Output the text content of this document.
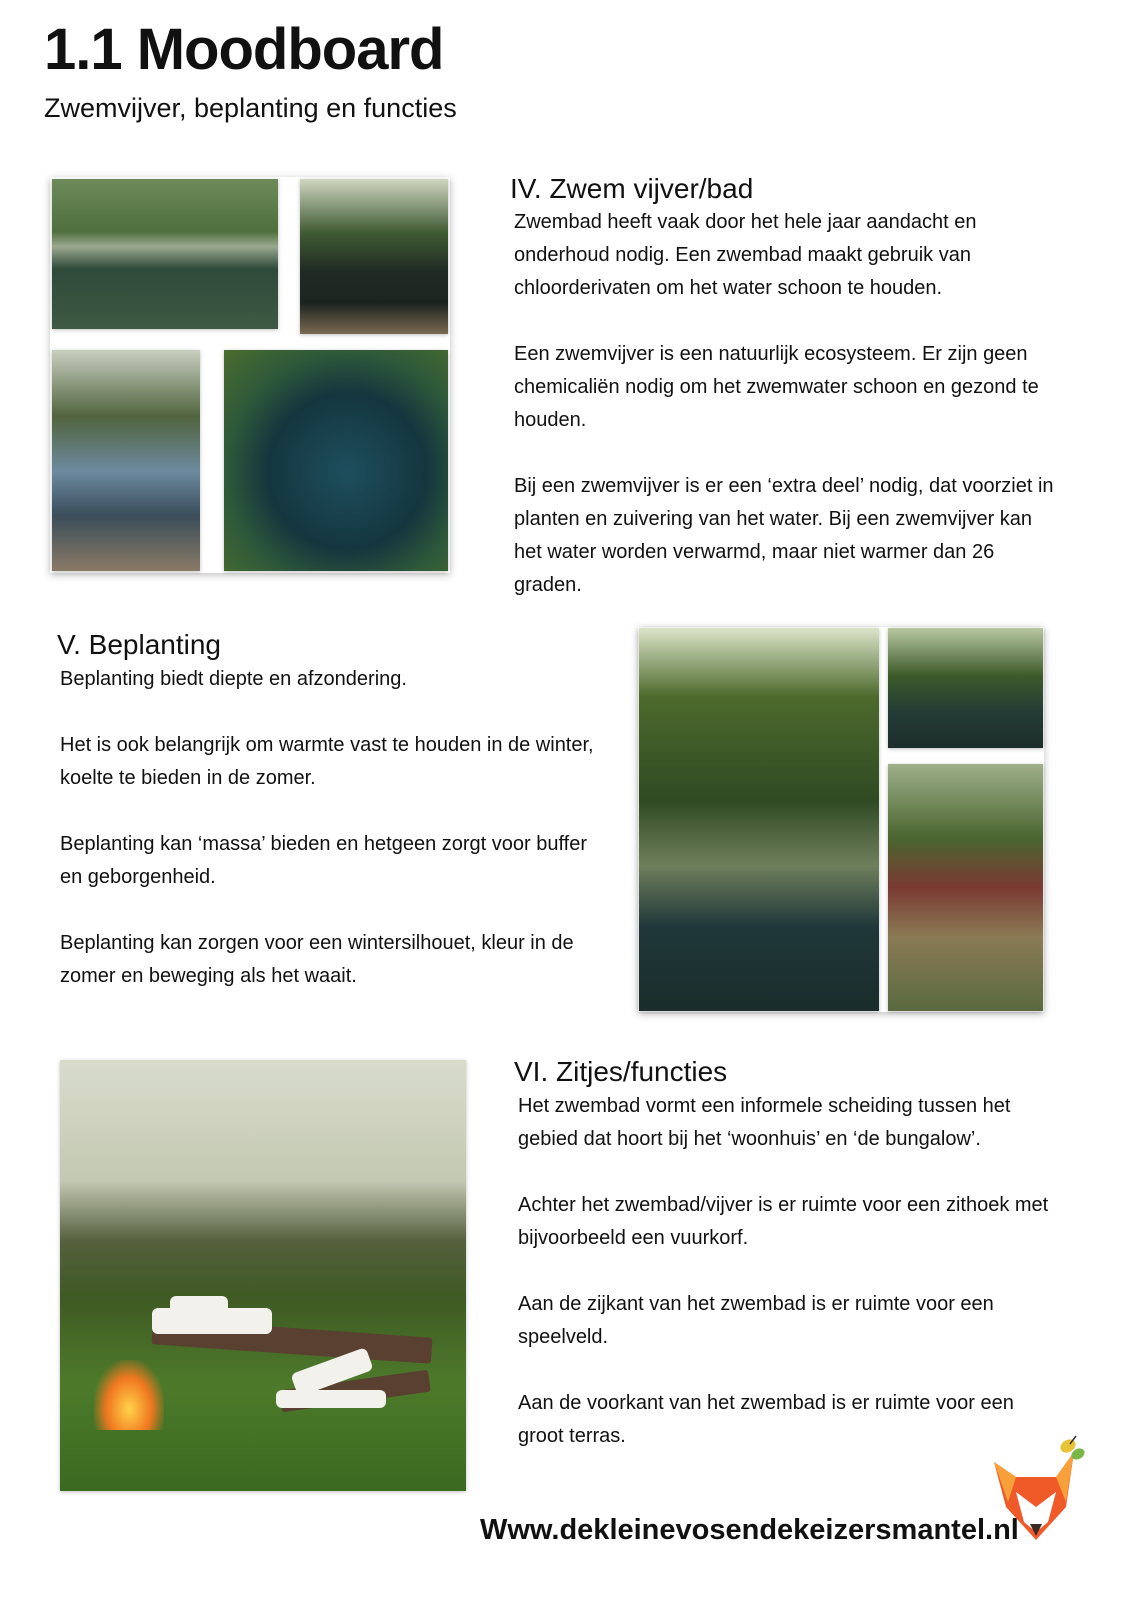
1.1 Moodboard

Zwemvijver, beplanting en functies

IV. Zwem vijver/bad

Zwembad heeft vaak door het hele jaar aandacht en onderhoud nodig. Een zwembad maakt gebruik van chloorderivaten om het water schoon te houden.

Een zwemvijver is een natuurlijk ecosysteem. Er zijn geen chemicaliën nodig om het zwemwater schoon en gezond te houden.

Bij een zwemvijver is er een ‘extra deel’ nodig, dat voorziet in planten en zuivering van het water. Bij een zwemvijver kan het water worden verwarmd, maar niet warmer dan 26 graden.

V. Beplanting

Beplanting biedt diepte en afzondering.

Het is ook belangrijk om warmte vast te houden in de winter, koelte te bieden in de zomer.

Beplanting kan ‘massa’ bieden en hetgeen zorgt voor buffer en geborgenheid.

Beplanting kan zorgen voor een wintersilhouet, kleur in de zomer en beweging als het waait.

VI. Zitjes/functies

Het zwembad vormt een informele scheiding tussen het gebied dat hoort bij het ‘woonhuis’ en ‘de bungalow’.

Achter het zwembad/vijver is er ruimte voor een zithoek met bijvoorbeeld een vuurkorf.

Aan de zijkant van het zwembad is er ruimte voor een speelveld.

Aan de voorkant van het zwembad is er ruimte voor een groot terras.

Www.dekleinevosendekeizersmantel.nl
